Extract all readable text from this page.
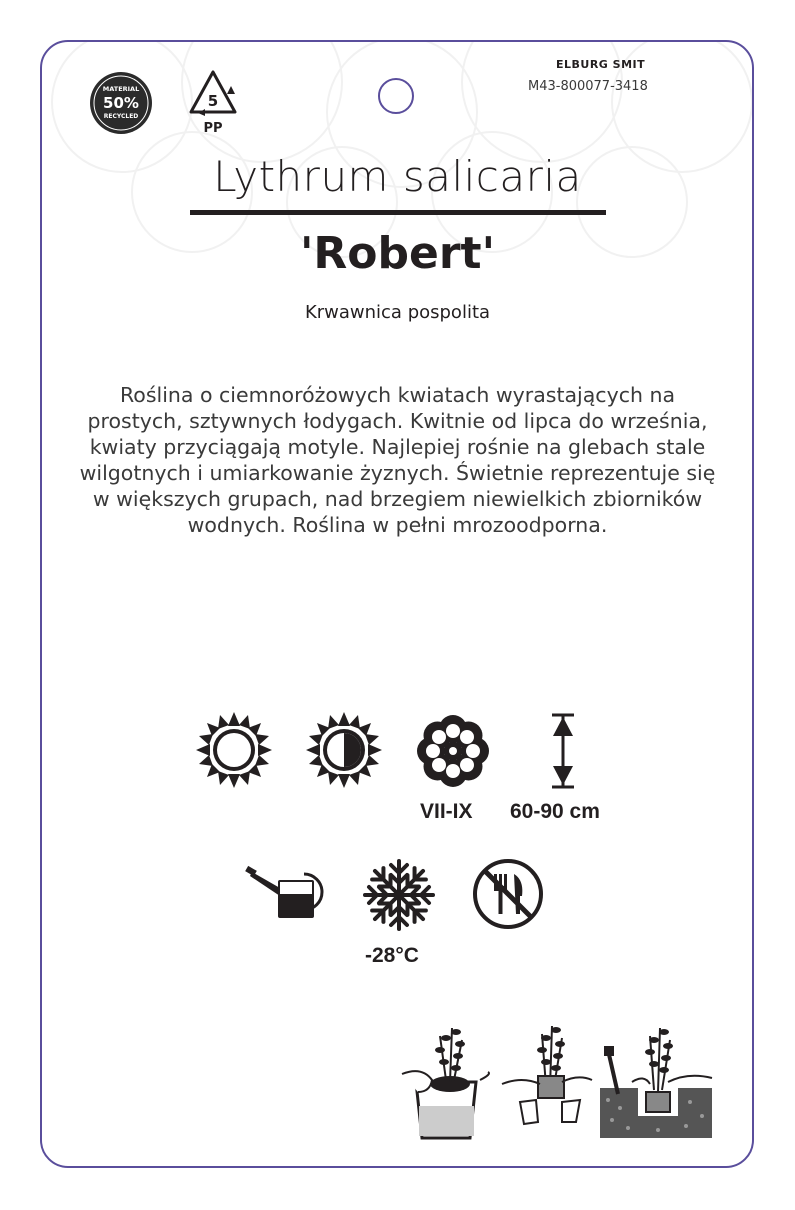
MATERIAL
50%
RECYCLED
5
PP
ELBURG SMIT
M43-800077-3418
Lythrum salicaria
'Robert'
Krwawnica pospolita
Roślina o ciemnoróżowych kwiatach wyrastających na prostych, sztywnych łodygach. Kwitnie od lipca do września, kwiaty przyciągają motyle. Najlepiej rośnie na glebach stale wilgotnych i umiarkowanie żyznych. Świetnie reprezentuje się w większych grupach, nad brzegiem niewielkich zbiorników wodnych. Roślina w pełni mrozoodporna.
VII-IX 60-90 cm
-28°C
